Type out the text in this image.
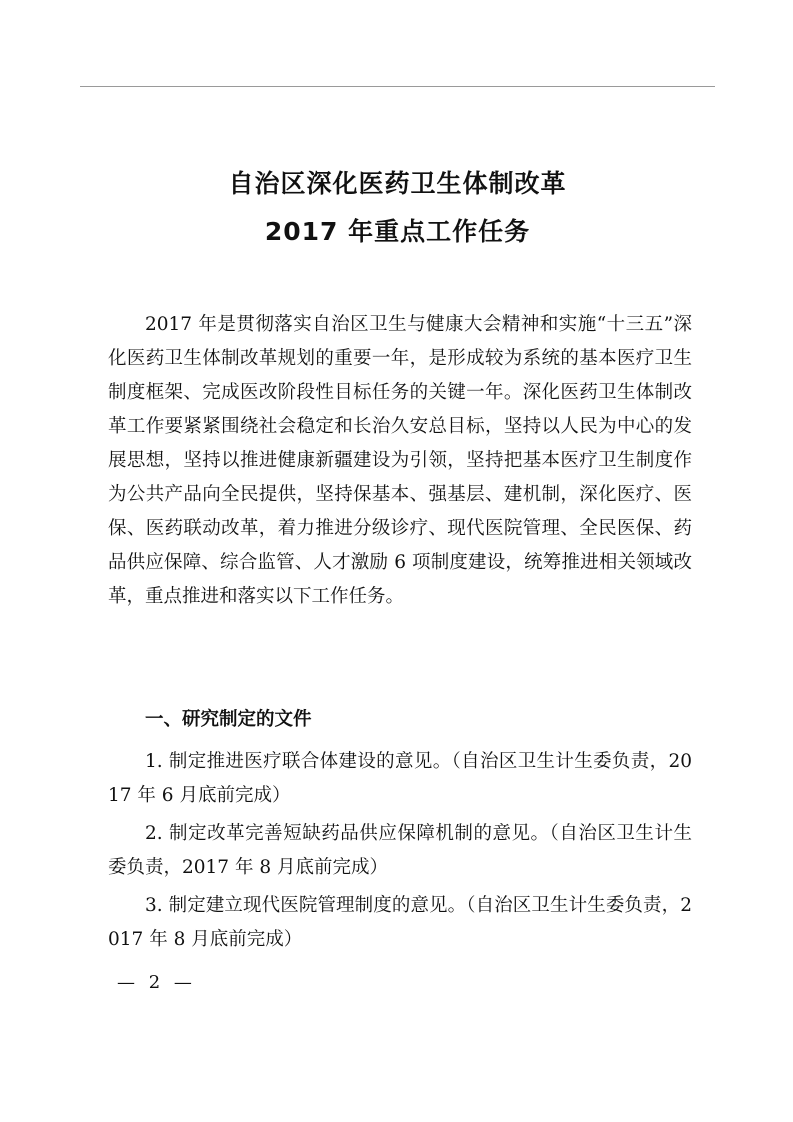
自治区深化医药卫生体制改革
2017 年重点工作任务

2017 年是贯彻落实自治区卫生与健康大会精神和实施“十三五”深化医药卫生体制改革规划的重要一年，是形成较为系统的基本医疗卫生制度框架、完成医改阶段性目标任务的关键一年。深化医药卫生体制改革工作要紧紧围绕社会稳定和长治久安总目标，坚持以人民为中心的发展思想，坚持以推进健康新疆建设为引领，坚持把基本医疗卫生制度作为公共产品向全民提供，坚持保基本、强基层、建机制，深化医疗、医保、医药联动改革，着力推进分级诊疗、现代医院管理、全民医保、药品供应保障、综合监管、人才激励 6 项制度建设，统筹推进相关领域改革，重点推进和落实以下工作任务。

一、研究制定的文件

1. 制定推进医疗联合体建设的意见。（自治区卫生计生委负责，2017 年 6 月底前完成）

2. 制定改革完善短缺药品供应保障机制的意见。（自治区卫生计生委负责，2017 年 8 月底前完成）

3. 制定建立现代医院管理制度的意见。（自治区卫生计生委负责，2017 年 8 月底前完成）

— 2 —
